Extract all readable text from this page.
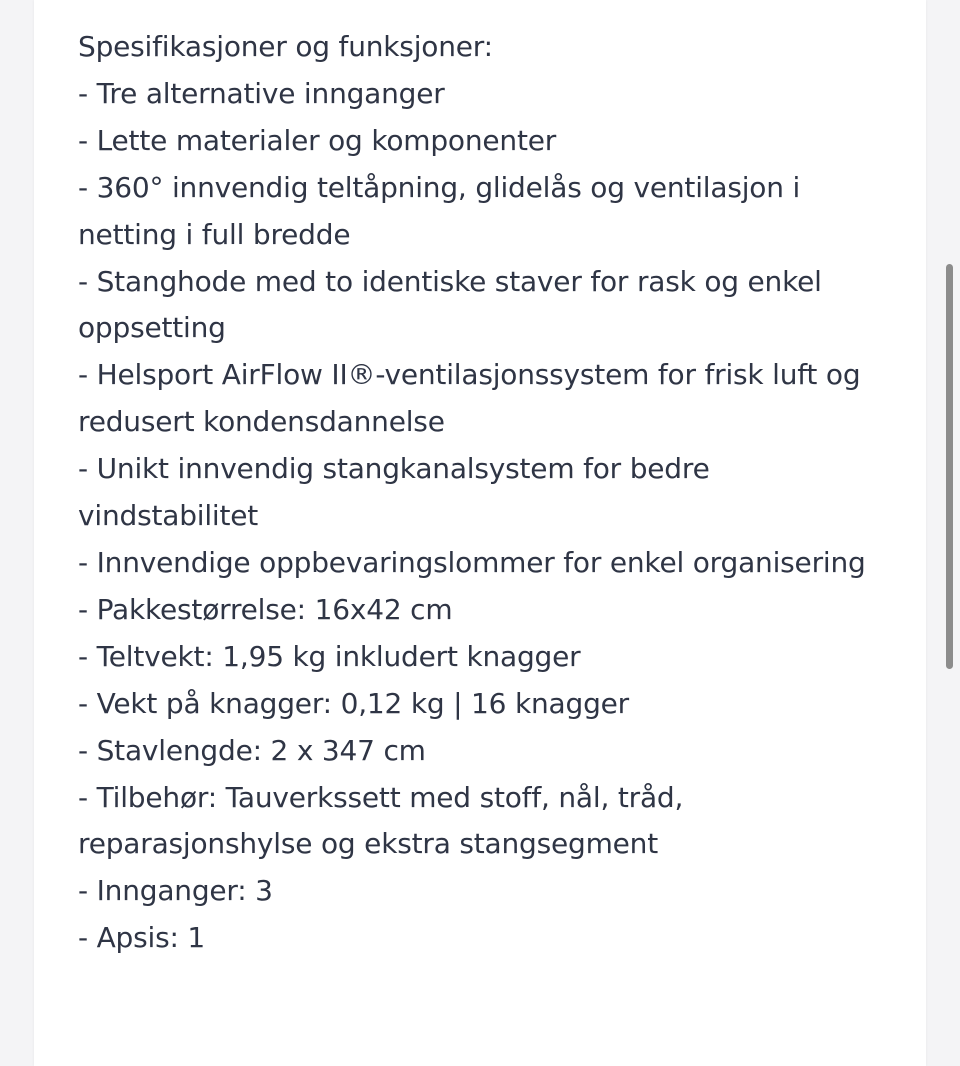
Spesifikasjoner og funksjoner:
- Tre alternative innganger
- Lette materialer og komponenter
- 360° innvendig teltåpning, glidelås og ventilasjon i netting i full bredde
- Stanghode med to identiske staver for rask og enkel oppsetting
- Helsport AirFlow II®-ventilasjonssystem for frisk luft og redusert kondensdannelse
- Unikt innvendig stangkanalsystem for bedre vindstabilitet
- Innvendige oppbevaringslommer for enkel organisering
- Pakkestørrelse: 16x42 cm
- Teltvekt: 1,95 kg inkludert knagger
- Vekt på knagger: 0,12 kg | 16 knagger
- Stavlengde: 2 x 347 cm
- Tilbehør: Tauverkssett med stoff, nål, tråd, reparasjonshylse og ekstra stangsegment
- Innganger: 3
- Apsis: 1
